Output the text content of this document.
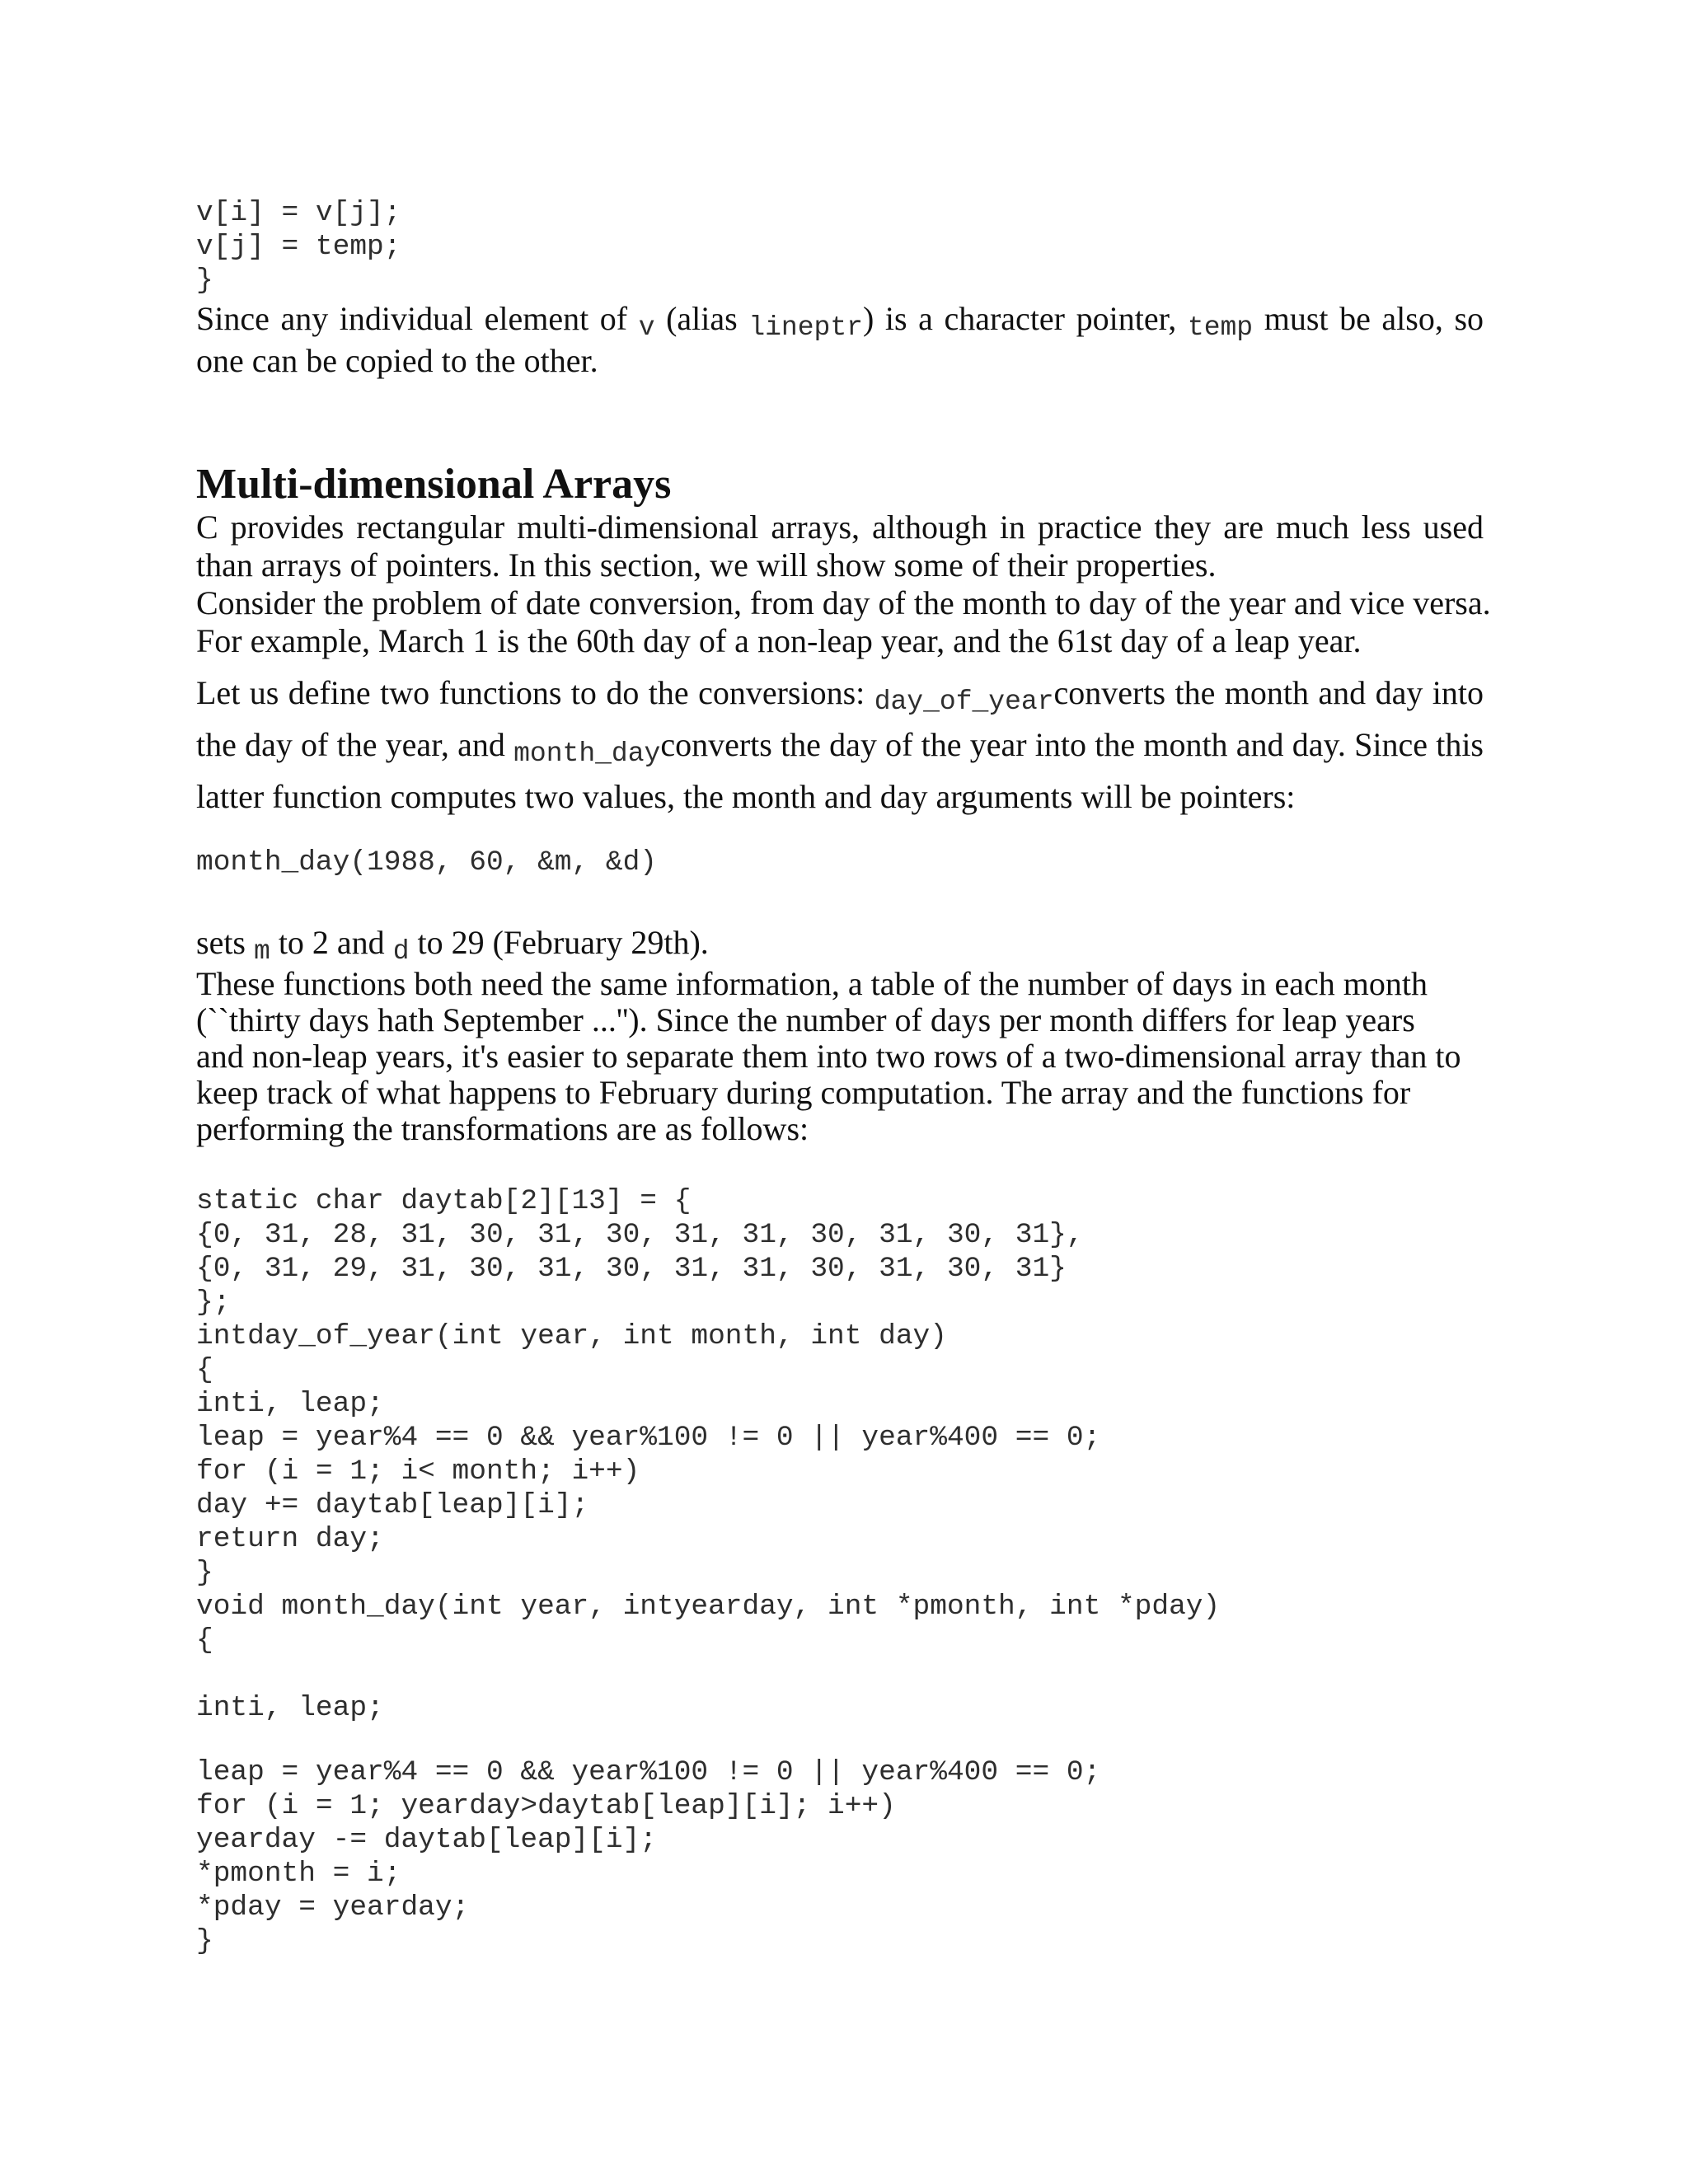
v[i] = v[j];
v[j] = temp;
}

Since any individual element of v (alias lineptr) is a character pointer, temp must be also, so one can be copied to the other.

Multi-dimensional Arrays

C provides rectangular multi-dimensional arrays, although in practice they are much less used than arrays of pointers. In this section, we will show some of their properties.

Consider the problem of date conversion, from day of the month to day of the year and vice versa.

For example, March 1 is the 60th day of a non-leap year, and the 61st day of a leap year.

Let us define two functions to do the conversions: day_of_yearconverts the month and day into the day of the year, and month_dayconverts the day of the year into the month and day. Since this latter function computes two values, the month and day arguments will be pointers:

month_day(1988, 60, &m, &d)

sets m to 2 and d to 29 (February 29th).

These functions both need the same information, a table of the number of days in each month

(``thirty days hath September ...''). Since the number of days per month differs for leap years

and non-leap years, it's easier to separate them into two rows of a two-dimensional array than to

keep track of what happens to February during computation. The array and the functions for

performing the transformations are as follows:

static char daytab[2][13] = {
{0, 31, 28, 31, 30, 31, 30, 31, 31, 30, 31, 30, 31},
{0, 31, 29, 31, 30, 31, 30, 31, 31, 30, 31, 30, 31}
};
intday_of_year(int year, int month, int day)
{
inti, leap;
leap = year%4 == 0 && year%100 != 0 || year%400 == 0;
for (i = 1; i< month; i++)
day += daytab[leap][i];
return day;
}
void month_day(int year, intyearday, int *pmonth, int *pday)
{
inti, leap;
leap = year%4 == 0 && year%100 != 0 || year%400 == 0;
for (i = 1; yearday>daytab[leap][i]; i++)
yearday -= daytab[leap][i];
*pmonth = i;
*pday = yearday;
}
